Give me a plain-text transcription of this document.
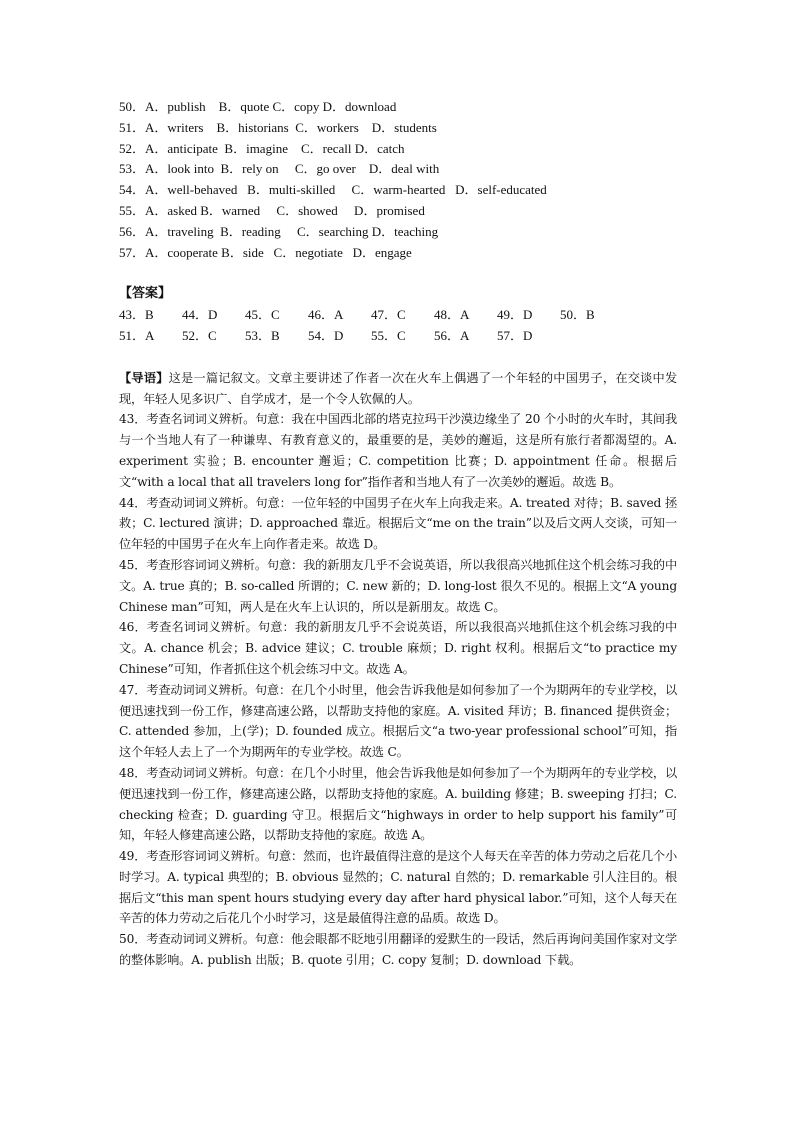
50．A．publish    B．quote C．copy D．download

51．A．writers    B．historians  C．workers    D．students

52．A．anticipate  B．imagine    C．recall D．catch

53．A．look into  B．rely on     C．go over    D．deal with

54．A．well-behaved   B．multi-skilled     C．warm-hearted   D．self-educated

55．A．asked B．warned     C．showed     D．promised

56．A．traveling  B．reading     C．searching D．teaching

57．A．cooperate B．side   C．negotiate   D．engage

【答案】

43．B	44．D	45．C	46．A	47．C	48．A	49．D	50．B
51．A	52．C	53．B	54．D	55．C	56．A	57．D

【导语】这是一篇记叙文。文章主要讲述了作者一次在火车上偶遇了一个年轻的中国男子，在交谈中发现，年轻人见多识广、自学成才，是一个令人钦佩的人。

43．考查名词词义辨析。句意：我在中国西北部的塔克拉玛干沙漠边缘坐了 20 个小时的火车时，其间我与一个当地人有了一种谦卑、有教育意义的，最重要的是，美妙的邂逅，这是所有旅行者都渴望的。A. experiment 实验；B. encounter 邂逅；C. competition 比赛；D. appointment 任命。根据后文“with a local that all travelers long for”指作者和当地人有了一次美妙的邂逅。故选 B。

44．考查动词词义辨析。句意：一位年轻的中国男子在火车上向我走来。A. treated 对待；B. saved 拯救；C. lectured 演讲；D. approached 靠近。根据后文“me on the train”以及后文两人交谈，可知一位年轻的中国男子在火车上向作者走来。故选 D。

45．考查形容词词义辨析。句意：我的新朋友几乎不会说英语，所以我很高兴地抓住这个机会练习我的中文。A. true 真的；B. so-called 所谓的；C. new 新的；D. long-lost 很久不见的。根据上文“A young Chinese man”可知，两人是在火车上认识的，所以是新朋友。故选 C。

46．考查名词词义辨析。句意：我的新朋友几乎不会说英语，所以我很高兴地抓住这个机会练习我的中文。A. chance 机会；B. advice 建议；C. trouble 麻烦；D. right 权利。根据后文“to practice my Chinese”可知，作者抓住这个机会练习中文。故选 A。

47．考查动词词义辨析。句意：在几个小时里，他会告诉我他是如何参加了一个为期两年的专业学校，以便迅速找到一份工作，修建高速公路，以帮助支持他的家庭。A. visited 拜访；B. financed 提供资金；C. attended 参加，上(学)；D. founded 成立。根据后文“a two-year professional school”可知，指这个年轻人去上了一个为期两年的专业学校。故选 C。

48．考查动词词义辨析。句意：在几个小时里，他会告诉我他是如何参加了一个为期两年的专业学校，以便迅速找到一份工作，修建高速公路，以帮助支持他的家庭。A. building 修建；B. sweeping 打扫；C. checking 检查；D. guarding 守卫。根据后文“highways in order to help support his family”可知，年轻人修建高速公路，以帮助支持他的家庭。故选 A。

49．考查形容词词义辨析。句意：然而，也许最值得注意的是这个人每天在辛苦的体力劳动之后花几个小时学习。A. typical 典型的；B. obvious 显然的；C. natural 自然的；D. remarkable 引人注目的。根据后文“this man spent hours studying every day after hard physical labor.”可知，这个人每天在辛苦的体力劳动之后花几个小时学习，这是最值得注意的品质。故选 D。

50．考查动词词义辨析。句意：他会眼都不眨地引用翻译的爱默生的一段话，然后再询问美国作家对文学的整体影响。A. publish 出版；B. quote 引用；C. copy 复制；D. download 下载。
